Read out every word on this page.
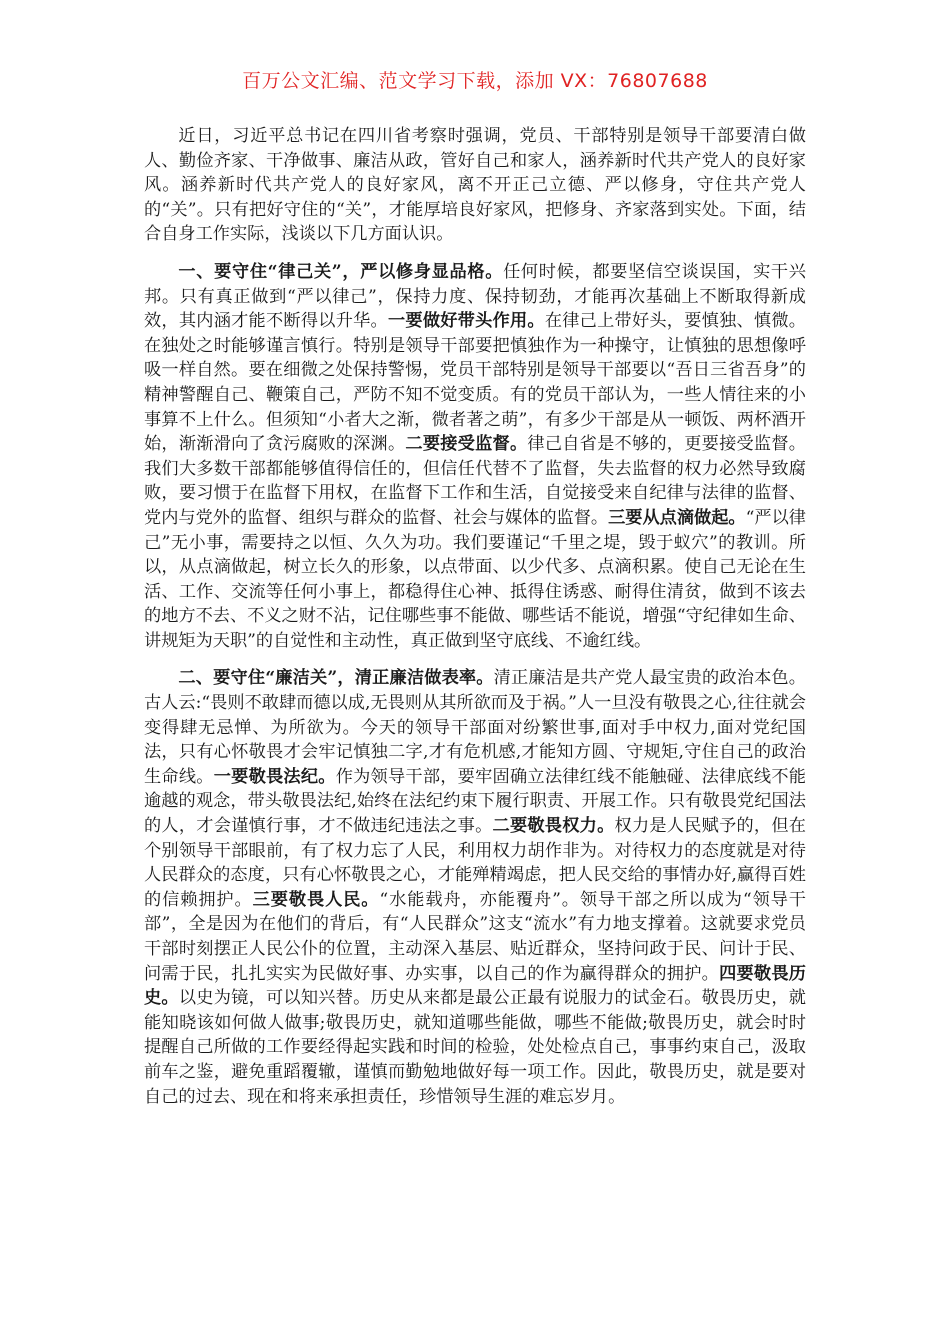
百万公文汇编、范文学习下载，添加 VX：76807688

近日，习近平总书记在四川省考察时强调，党员、干部特别是领导干部要清白做人、勤俭齐家、干净做事、廉洁从政，管好自己和家人，涵养新时代共产党人的良好家风。涵养新时代共产党人的良好家风，离不开正己立德、严以修身，守住共产党人的“关”。只有把好守住的“关”，才能厚培良好家风，把修身、齐家落到实处。下面，结合自身工作实际，浅谈以下几方面认识。

一、要守住“律己关”，严以修身显品格。任何时候，都要坚信空谈误国，实干兴邦。只有真正做到“严以律己”，保持力度、保持韧劲，才能再次基础上不断取得新成效，其内涵才能不断得以升华。一要做好带头作用。在律己上带好头，要慎独、慎微。在独处之时能够谨言慎行。特别是领导干部要把慎独作为一种操守，让慎独的思想像呼吸一样自然。要在细微之处保持警惕，党员干部特别是领导干部要以“吾日三省吾身”的精神警醒自己、鞭策自己，严防不知不觉变质。有的党员干部认为，一些人情往来的小事算不上什么。但须知“小者大之渐，微者著之萌”，有多少干部是从一顿饭、两杯酒开始，渐渐滑向了贪污腐败的深渊。二要接受监督。律己自省是不够的，更要接受监督。我们大多数干部都能够值得信任的，但信任代替不了监督，失去监督的权力必然导致腐败，要习惯于在监督下用权，在监督下工作和生活，自觉接受来自纪律与法律的监督、党内与党外的监督、组织与群众的监督、社会与媒体的监督。三要从点滴做起。“严以律己”无小事，需要持之以恒、久久为功。我们要谨记“千里之堤，毁于蚁穴”的教训。所以，从点滴做起，树立长久的形象，以点带面、以少代多、点滴积累。使自己无论在生活、工作、交流等任何小事上，都稳得住心神、抵得住诱惑、耐得住清贫，做到不该去的地方不去、不义之财不沾，记住哪些事不能做、哪些话不能说，增强“守纪律如生命、讲规矩为天职”的自觉性和主动性，真正做到坚守底线、不逾红线。

二、要守住“廉洁关”，清正廉洁做表率。清正廉洁是共产党人最宝贵的政治本色。古人云:“畏则不敢肆而德以成,无畏则从其所欲而及于祸。”人一旦没有敬畏之心,往往就会变得肆无忌惮、为所欲为。今天的领导干部面对纷繁世事,面对手中权力,面对党纪国法，只有心怀敬畏才会牢记慎独二字,才有危机感,才能知方圆、守规矩,守住自己的政治生命线。一要敬畏法纪。作为领导干部，要牢固确立法律红线不能触碰、法律底线不能逾越的观念，带头敬畏法纪,始终在法纪约束下履行职责、开展工作。只有敬畏党纪国法的人，才会谨慎行事，才不做违纪违法之事。二要敬畏权力。权力是人民赋予的，但在个别领导干部眼前，有了权力忘了人民，利用权力胡作非为。对待权力的态度就是对待人民群众的态度，只有心怀敬畏之心，才能殚精竭虑，把人民交给的事情办好,赢得百姓的信赖拥护。三要敬畏人民。“水能载舟，亦能覆舟”。领导干部之所以成为“领导干部”，全是因为在他们的背后，有“人民群众”这支“流水”有力地支撑着。这就要求党员干部时刻摆正人民公仆的位置，主动深入基层、贴近群众，坚持问政于民、问计于民、问需于民，扎扎实实为民做好事、办实事，以自己的作为赢得群众的拥护。四要敬畏历史。以史为镜，可以知兴替。历史从来都是最公正最有说服力的试金石。敬畏历史，就能知晓该如何做人做事;敬畏历史，就知道哪些能做，哪些不能做;敬畏历史，就会时时提醒自己所做的工作要经得起实践和时间的检验，处处检点自己，事事约束自己，汲取前车之鉴，避免重蹈覆辙，谨慎而勤勉地做好每一项工作。因此，敬畏历史，就是要对自己的过去、现在和将来承担责任，珍惜领导生涯的难忘岁月。
